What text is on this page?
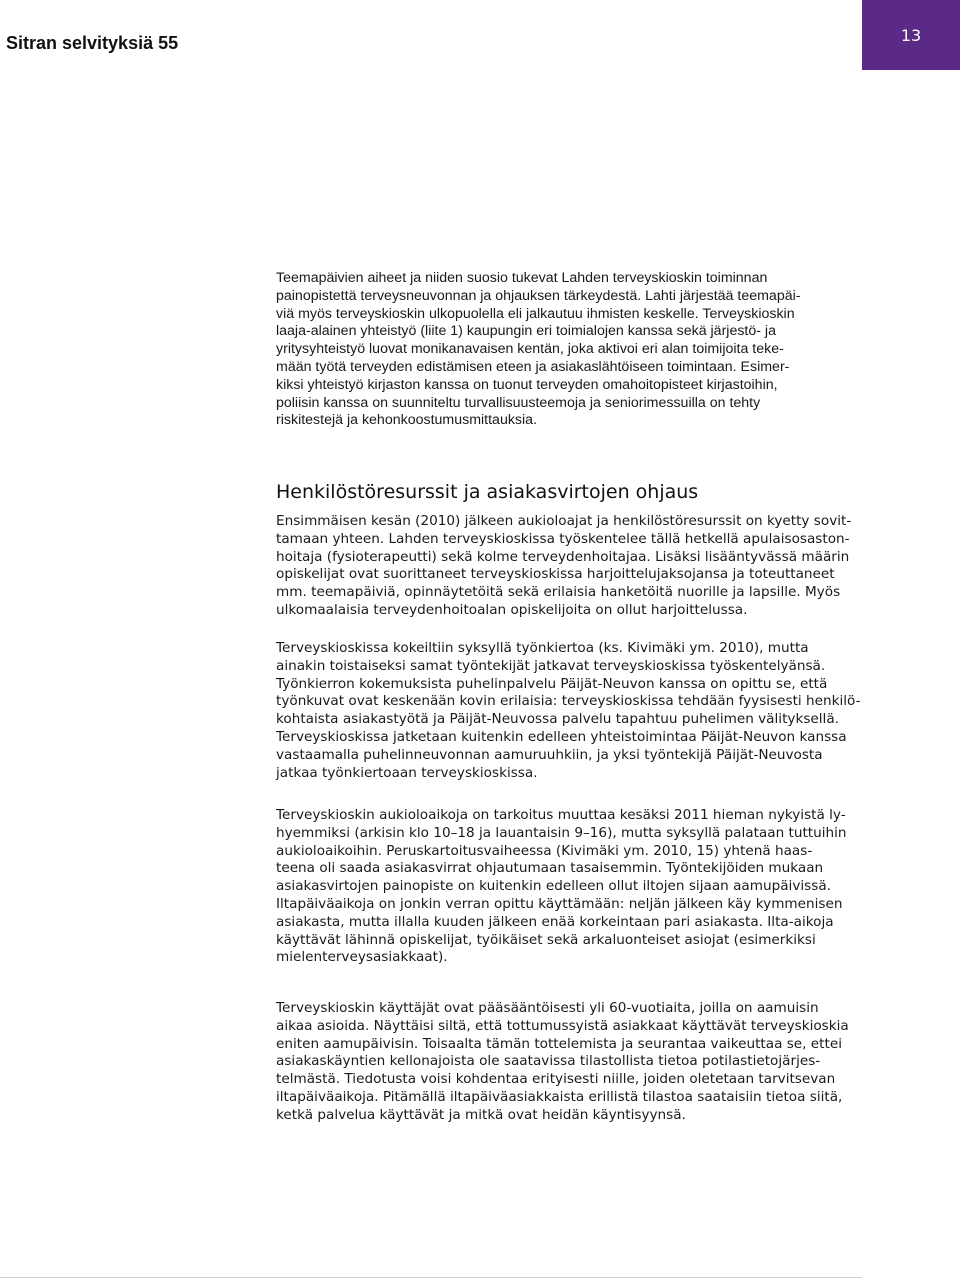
Sitran selvityksiä 55	13

Teemapäivien aiheet ja niiden suosio tukevat Lahden terveyskioskin toiminnan
painopistettä terveysneuvonnan ja ohjauksen tärkeydestä. Lahti järjestää teemapäi-
viä myös terveyskioskin ulkopuolella eli jalkautuu ihmisten keskelle. Terveyskioskin
laaja-alainen yhteistyö (liite 1) kaupungin eri toimialojen kanssa sekä järjestö- ja
yritysyhteistyö luovat monikanavaisen kentän, joka aktivoi eri alan toimijoita teke-
mään työtä terveyden edistämisen eteen ja asiakaslähtöiseen toimintaan. Esimer-
kiksi yhteistyö kirjaston kanssa on tuonut terveyden omahoitopisteet kirjastoihin,
poliisin kanssa on suunniteltu turvallisuusteemoja ja seniorimessuilla on tehty
riskitestejä ja kehonkoostumusmittauksia.

Henkilöstöresurssit ja asiakasvirtojen ohjaus

Ensimmäisen kesän (2010) jälkeen aukioloajat ja henkilöstöresurssit on kyetty sovit-
tamaan yhteen. Lahden terveyskioskissa työskentelee tällä hetkellä apulaisosaston-
hoitaja (fysioterapeutti) sekä kolme terveydenhoitajaa. Lisäksi lisääntyvässä määrin
opiskelijat ovat suorittaneet terveyskioskissa harjoittelujaksojansa ja toteuttaneet
mm. teemapäiviä, opinnäytetöitä sekä erilaisia hanketöitä nuorille ja lapsille. Myös
ulkomaalaisia terveydenhoitoalan opiskelijoita on ollut harjoittelussa.

Terveyskioskissa kokeiltiin syksyllä työnkiertoa (ks. Kivimäki ym. 2010), mutta
ainakin toistaiseksi samat työntekijät jatkavat terveyskioskissa työskentelyänsä.
Työnkierron kokemuksista puhelinpalvelu Päijät-Neuvon kanssa on opittu se, että
työnkuvat ovat keskenään kovin erilaisia: terveyskioskissa tehdään fyysisesti henkilö-
kohtaista asiakastyötä ja Päijät-Neuvossa palvelu tapahtuu puhelimen välityksellä.
Terveyskioskissa jatketaan kuitenkin edelleen yhteistoimintaa Päijät-Neuvon kanssa
vastaamalla puhelinneuvonnan aamuruuhkiin, ja yksi työntekijä Päijät-Neuvosta
jatkaa työnkiertoaan terveyskioskissa.

Terveyskioskin aukioloaikoja on tarkoitus muuttaa kesäksi 2011 hieman nykyistä ly-
hyemmiksi (arkisin klo 10–18 ja lauantaisin 9–16), mutta syksyllä palataan tuttuihin
aukioloaikoihin. Peruskartoitusvaiheessa (Kivimäki ym. 2010, 15) yhtenä haas-
teena oli saada asiakasvirrat ohjautumaan tasaisemmin. Työntekijöiden mukaan
asiakasvirtojen painopiste on kuitenkin edelleen ollut iltojen sijaan aamupäivissä.
Iltapäiväaikoja on jonkin verran opittu käyttämään: neljän jälkeen käy kymmenisen
asiakasta, mutta illalla kuuden jälkeen enää korkeintaan pari asiakasta. Ilta-aikoja
käyttävät lähinnä opiskelijat, työikäiset sekä arkaluonteiset asiojat (esimerkiksi
mielenterveysasiakkaat).

Terveyskioskin käyttäjät ovat pääsääntöisesti yli 60-vuotiaita, joilla on aamuisin
aikaa asioida. Näyttäisi siltä, että tottumussyistä asiakkaat käyttävät terveyskioskia
eniten aamupäivisin. Toisaalta tämän tottelemista ja seurantaa vaikeuttaa se, ettei
asiakaskäyntien kellonajoista ole saatavissa tilastollista tietoa potilastietojärjes-
telmästä. Tiedotusta voisi kohdentaa erityisesti niille, joiden oletetaan tarvitsevan
iltapäiväaikoja. Pitämällä iltapäiväasiakkaista erillistä tilastoa saataisiin tietoa siitä,
ketkä palvelua käyttävät ja mitkä ovat heidän käyntisyynsä.
